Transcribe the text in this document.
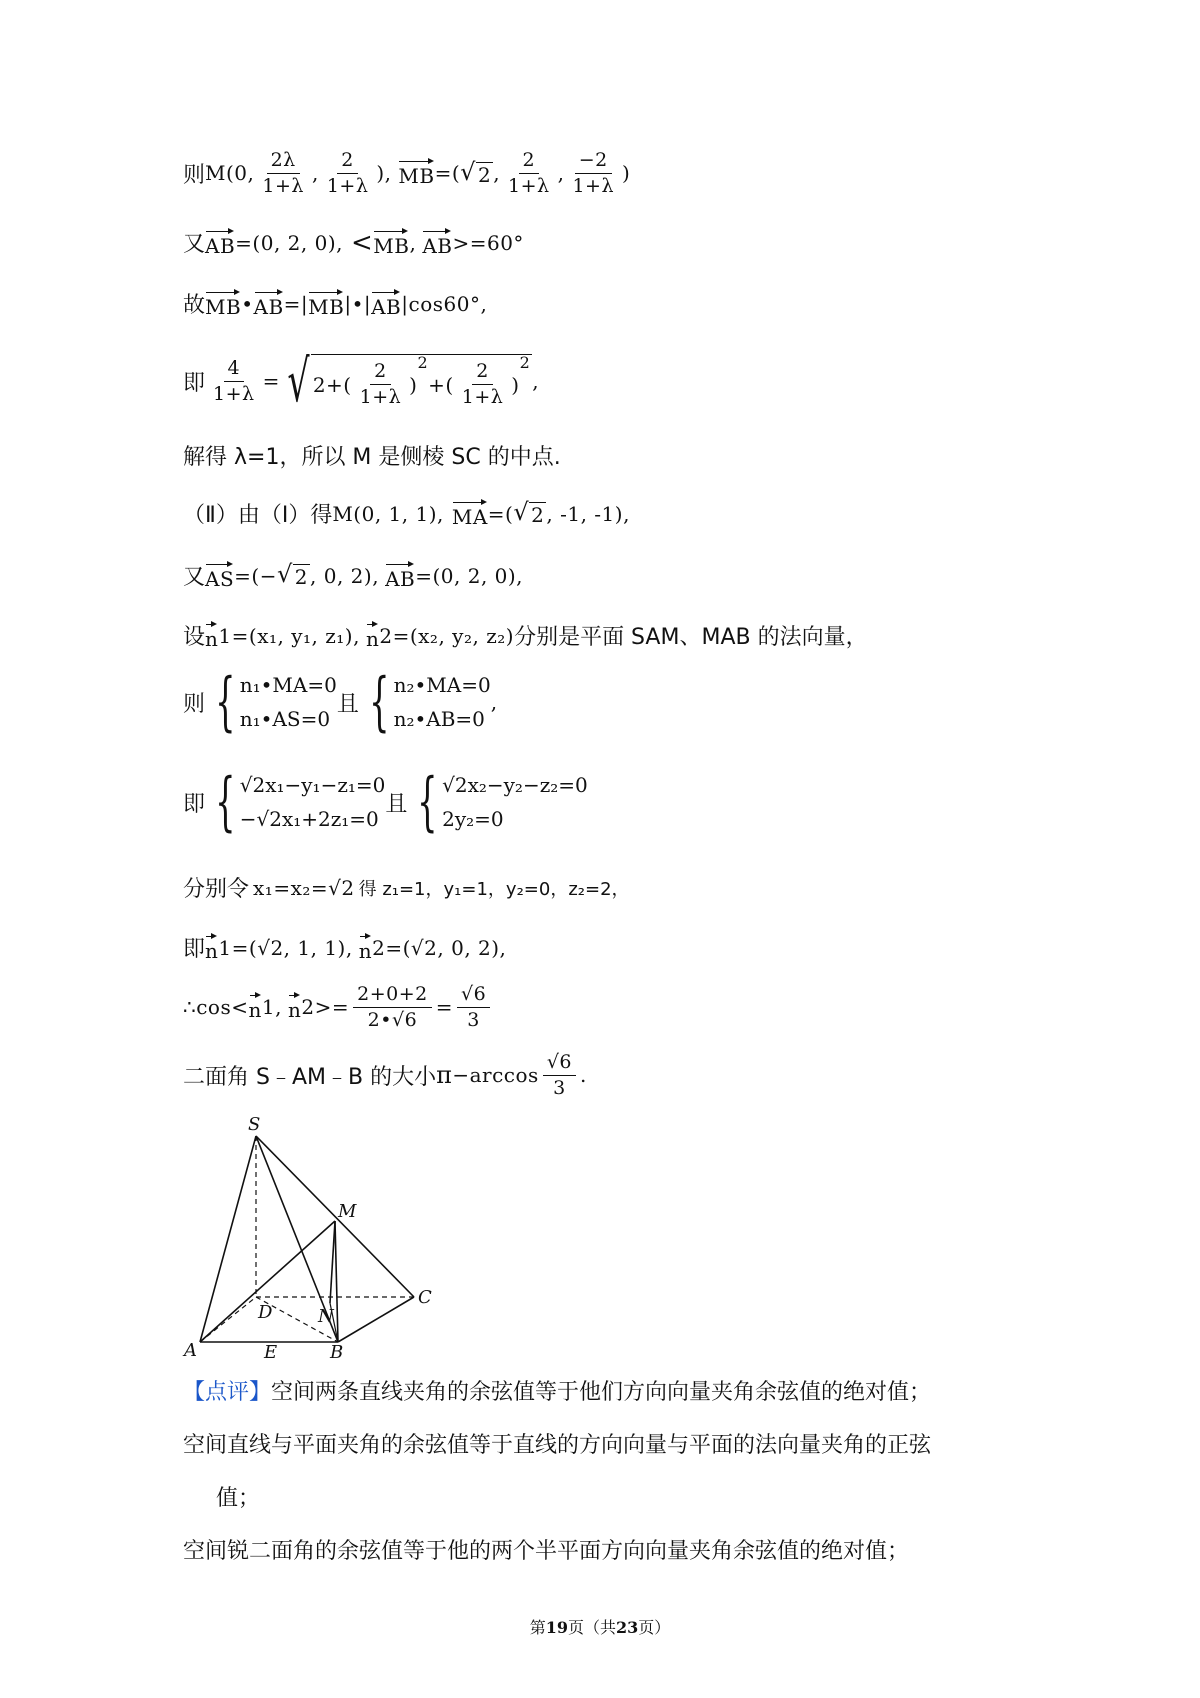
则 M(0, $\frac{2\lambda}{1+\lambda}$ , $\frac{2}{1+\lambda}$ ), MB =( √ 2 , $\frac{2}{1+\lambda}$ , $\frac{-2}{1+\lambda}$ )
又 AB =(0, 2, 0), < MB , AB >=60°
故 MB • AB =| MB |•| AB |cos60°,
即 $\frac{4}{1+\lambda}$ = √ $2+( \frac{2}{1+\lambda}$ )
2
+( $\frac{2}{1+\lambda}$ )
2
,
解得 λ=1，所以 M 是侧棱 SC 的中点.
（Ⅱ）由（Ⅰ）得 M(0, 1, 1), MA =( √ 2 , -1, -1),
又 AS =(− √ 2 , 0, 2), AB =(0, 2, 0),
设 n 1 =(x₁, y₁, z₁), n 2 =(x₂, y₂, z₂) 分别是平面 SAM、MAB 的法向量，
则 { n₁•MA=0
n₁•AS=0
且 { n₂•MA=0
n₂•AB=0
,
即 { √2x₁−y₁−z₁=0
−√2x₁+2z₁=0
且 { √2x₂−y₂−z₂=0
2y₂=0
分别令 x₁=x₂=√2 得 z₁=1，y₁=1，y₂=0，z₂=2，
即 n 1 =(√2, 1, 1), n 2 =(√2, 0, 2),
∴cos< n 1 , n $2 >= \frac{2+0+2}{2•√6} = \frac{√6}{3}$
二面角 S﹣AM﹣B 的大小 $\pi -\arccos \frac{√6}{3}$ .
S
M
D
C
N
A	E	B
【点评】 空间两条直线夹角的余弦值等于他们方向向量夹角余弦值的绝对值；
空间直线与平面夹角的余弦值等于直线的方向向量与平面的法向量夹角的正弦
值；
空间锐二面角的余弦值等于他的两个半平面方向向量夹角余弦值的绝对值；
第19页（共23页）
